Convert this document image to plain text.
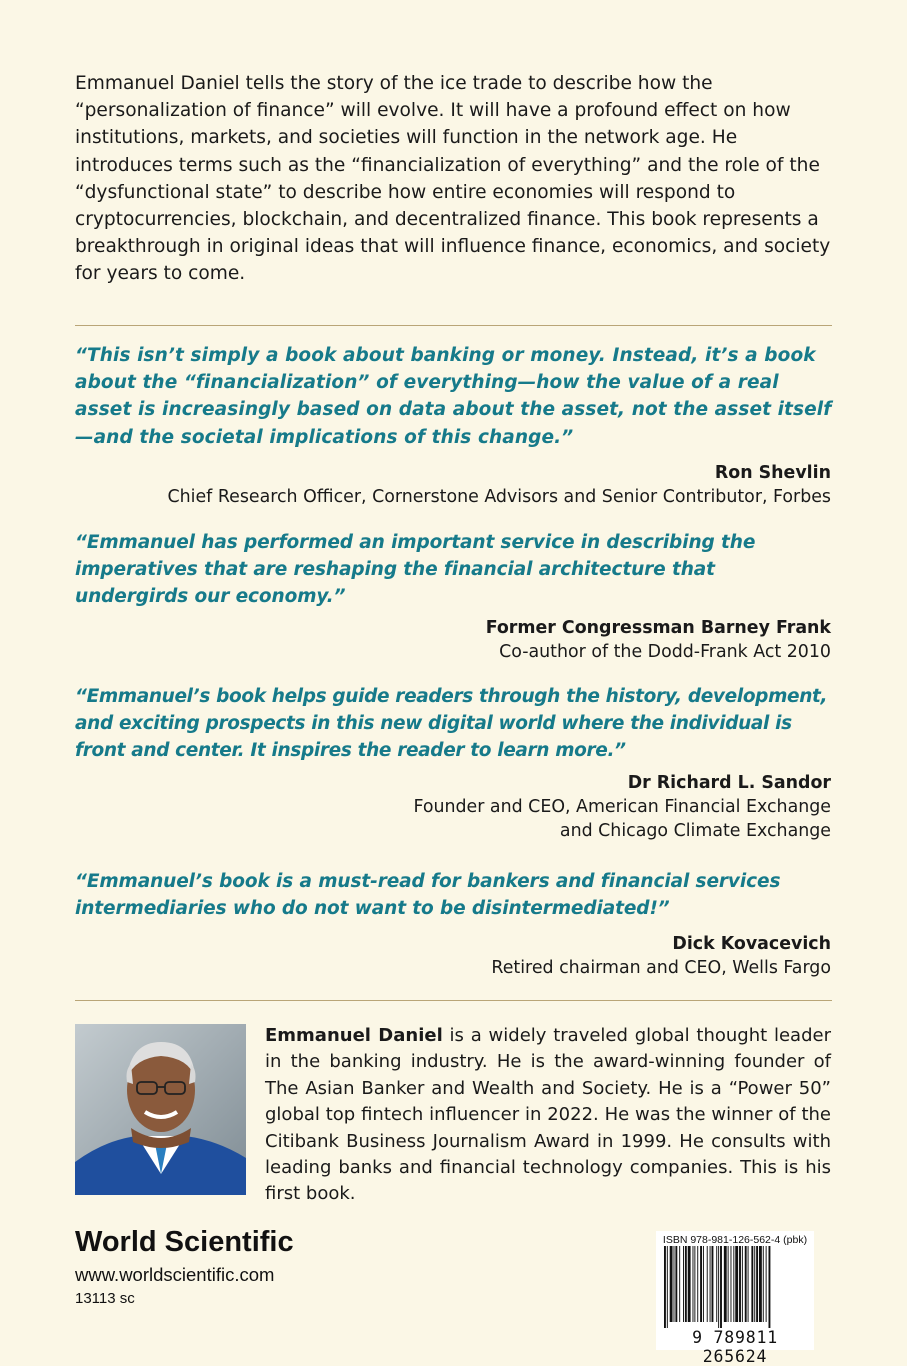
Emmanuel Daniel tells the story of the ice trade to describe how the “personalization of finance” will evolve. It will have a profound effect on how institutions, markets, and societies will function in the network age. He introduces terms such as the “financialization of everything” and the role of the “dysfunctional state” to describe how entire economies will respond to cryptocurrencies, blockchain, and decentralized finance. This book represents a breakthrough in original ideas that will influence finance, economics, and society for years to come.

“This isn’t simply a book about banking or money. Instead, it’s a book about the “financialization” of everything—how the value of a real asset is increasingly based on data about the asset, not the asset itself—and the societal implications of this change.”

Ron Shevlin
Chief Research Officer, Cornerstone Advisors and Senior Contributor, Forbes

“Emmanuel has performed an important service in describing the imperatives that are reshaping the financial architecture that undergirds our economy.”

Former Congressman Barney Frank
Co-author of the Dodd-Frank Act 2010

“Emmanuel’s book helps guide readers through the history, development, and exciting prospects in this new digital world where the individual is front and center. It inspires the reader to learn more.”

Dr Richard L. Sandor
Founder and CEO, American Financial Exchange
and Chicago Climate Exchange

“Emmanuel’s book is a must-read for bankers and financial services intermediaries who do not want to be disintermediated!”

Dick Kovacevich
Retired chairman and CEO, Wells Fargo

Emmanuel Daniel is a widely traveled global thought leader in the banking industry. He is the award-winning founder of The Asian Banker and Wealth and Society. He is a “Power 50” global top fintech influencer in 2022. He was the winner of the Citibank Business Journalism Award in 1999. He consults with leading banks and financial technology companies. This is his first book.

World Scientific
www.worldscientific.com
13113 sc
ISBN 978-981-126-562-4 (pbk)
9 789811 265624
